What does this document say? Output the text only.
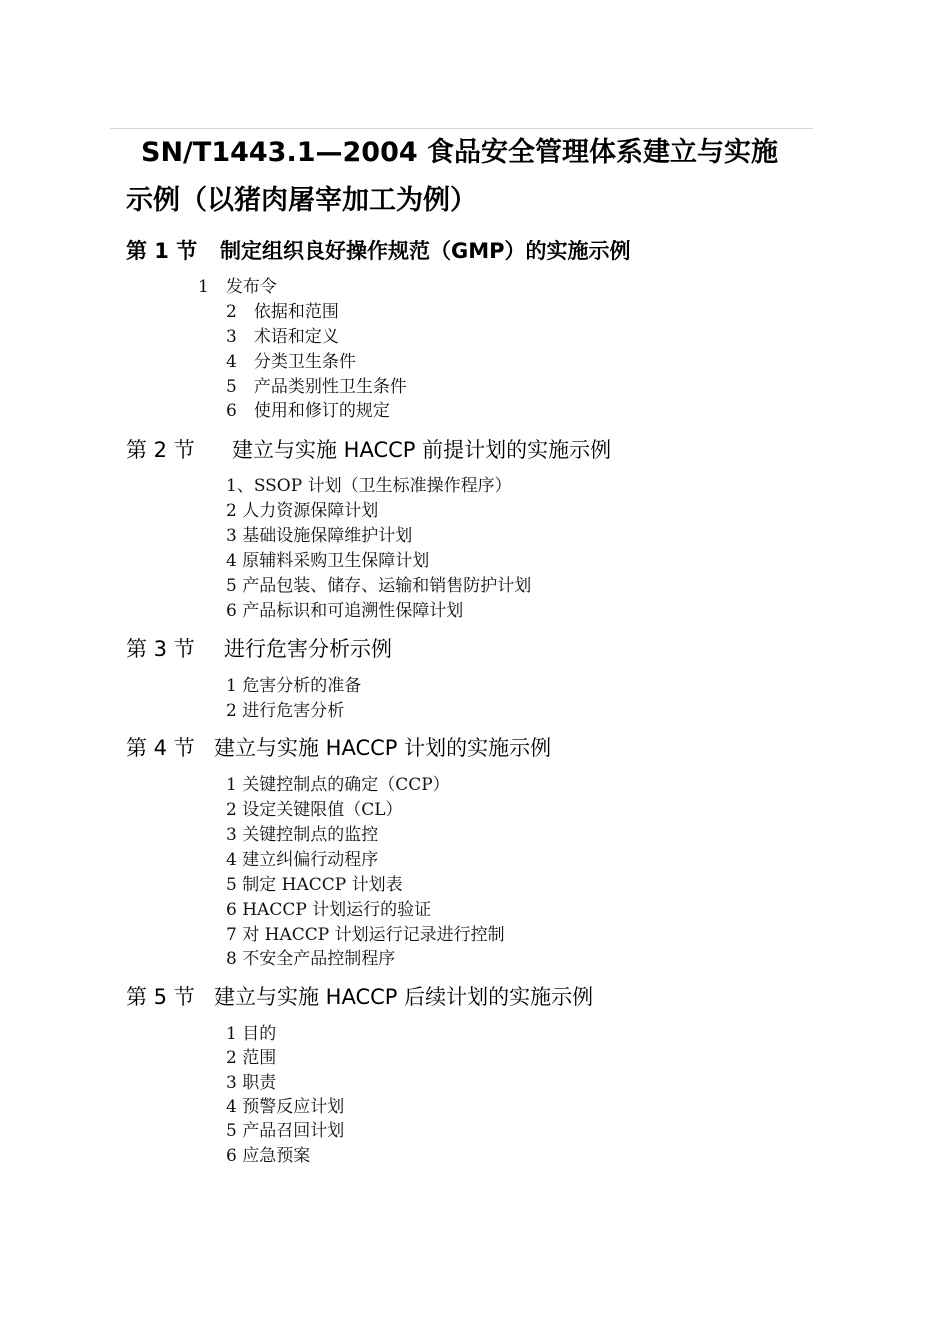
SN/T1443.1—2004 食品安全管理体系建立与实施
示例（以猪肉屠宰加工为例）
第 1 节 制定组织良好操作规范（GMP）的实施示例
1　发布令
2　依据和范围
3　术语和定义
4　分类卫生条件
5　产品类别性卫生条件
6　使用和修订的规定
第 2 节 建立与实施 HACCP 前提计划的实施示例
1、SSOP 计划（卫生标准操作程序）
2 人力资源保障计划
3 基础设施保障维护计划
4 原辅料采购卫生保障计划
5 产品包装、储存、运输和销售防护计划
6 产品标识和可追溯性保障计划
第 3 节 进行危害分析示例
1 危害分析的准备
2 进行危害分析
第 4 节 建立与实施 HACCP 计划的实施示例
1 关键控制点的确定（CCP）
2 设定关键限值（CL）
3 关键控制点的监控
4 建立纠偏行动程序
5 制定 HACCP 计划表
6 HACCP 计划运行的验证
7 对 HACCP 计划运行记录进行控制
8 不安全产品控制程序
第 5 节 建立与实施 HACCP 后续计划的实施示例
1 目的
2 范围
3 职责
4 预警反应计划
5 产品召回计划
6 应急预案
